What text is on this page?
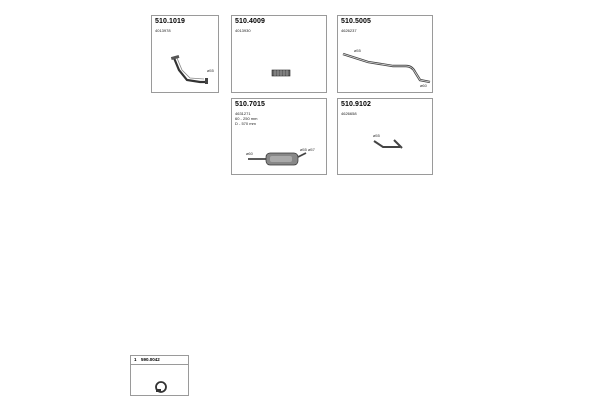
510.1019
4013978
⌀55
510.4009
4013930
510.5005
4626237
⌀55
⌀60
510.7015
4631271
60 - 250 mm
D - 570 mm
⌀60
⌀55 ⌀57
510.9102
4626658
⌀55
1 590.0042
